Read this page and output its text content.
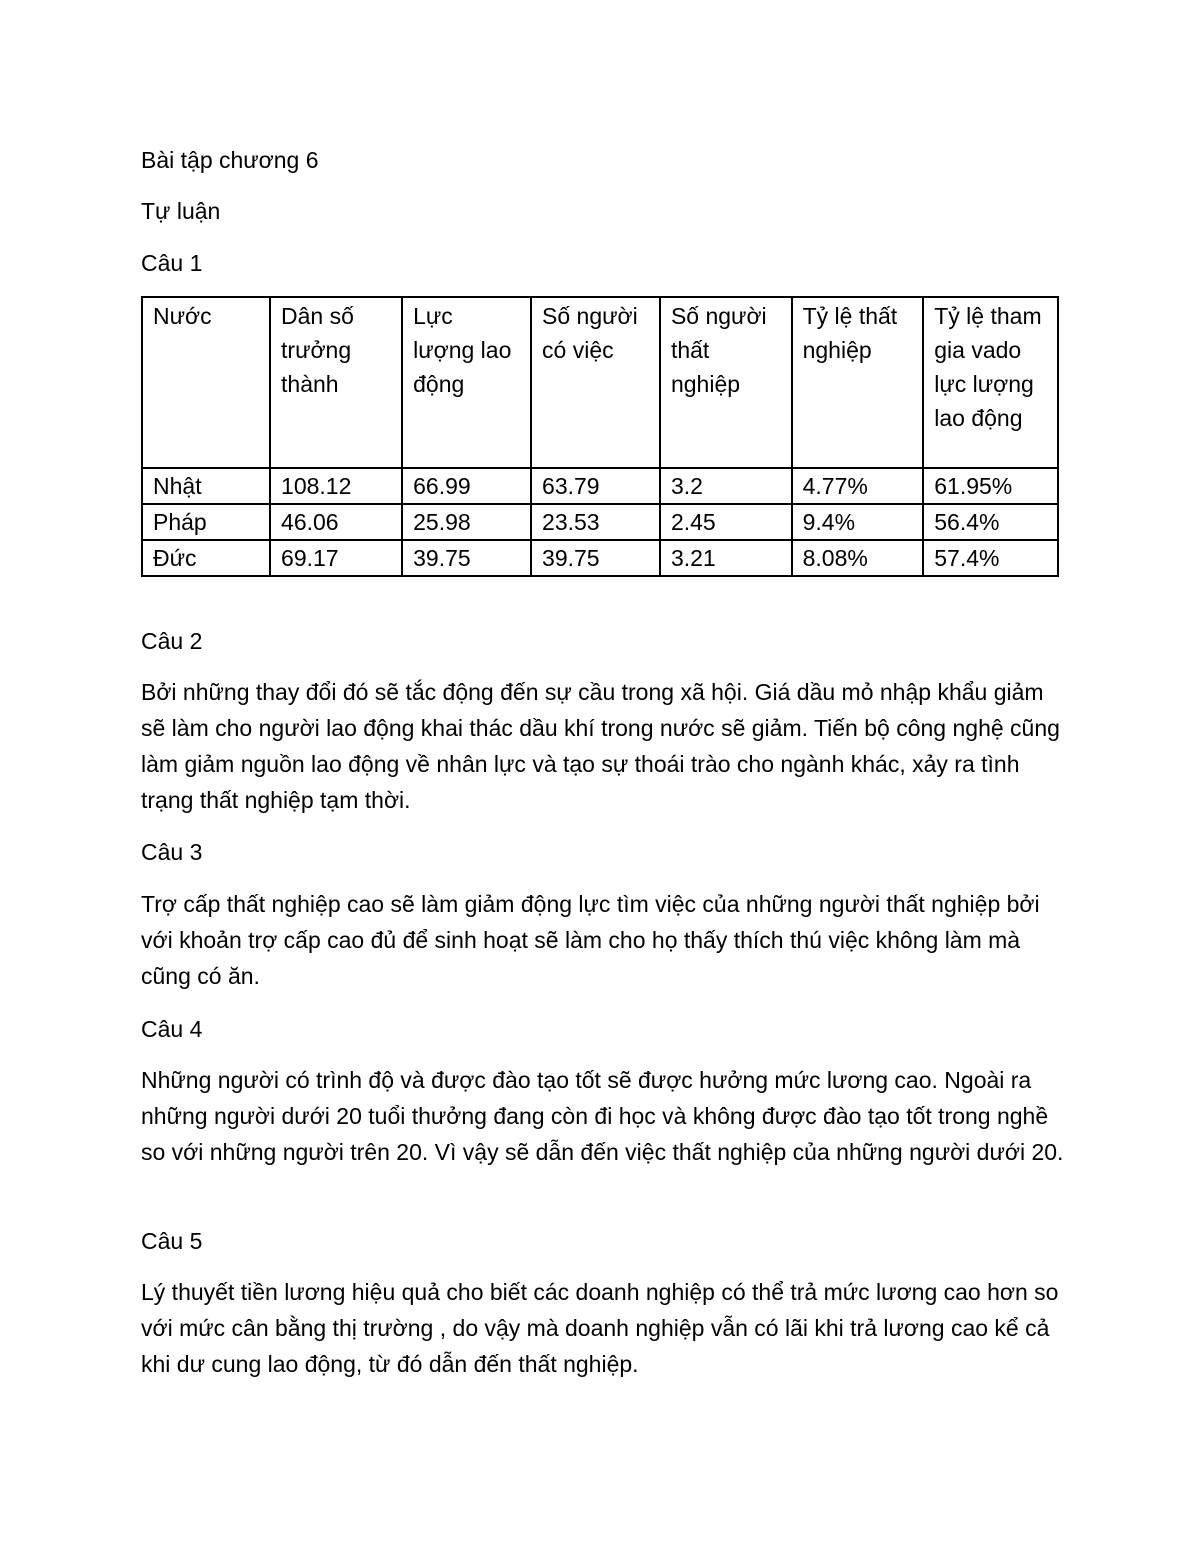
Bài tập chương 6
Tự luận
Câu 1
Nước	Dân số trưởng thành	Lực lượng lao động	Số người có việc	Số người thất nghiệp	Tỷ lệ thất nghiệp	Tỷ lệ tham gia vado lực lượng lao động
Nhật	108.12	66.99	63.79	3.2	4.77%	61.95%
Pháp	46.06	25.98	23.53	2.45	9.4%	56.4%
Đức	69.17	39.75	39.75	3.21	8.08%	57.4%
Câu 2

Bởi những thay đổi đó sẽ tắc động đến sự cầu trong xã hội. Giá dầu mỏ nhập khẩu giảm sẽ làm cho người lao động khai thác dầu khí trong nước sẽ giảm. Tiến bộ công nghệ cũng làm giảm nguồn lao động về nhân lực và tạo sự thoái trào cho ngành khác, xảy ra tình trạng thất nghiệp tạm thời.

Câu 3

Trợ cấp thất nghiệp cao sẽ làm giảm động lực tìm việc của những người thất nghiệp bởi với khoản trợ cấp cao đủ để sinh hoạt sẽ làm cho họ thấy thích thú việc không làm mà cũng có ăn.

Câu 4

Những người có trình độ và được đào tạo tốt sẽ được hưởng mức lương cao. Ngoài ra những người dưới 20 tuổi thưởng đang còn đi học và không được đào tạo tốt trong nghề so với những người trên 20. Vì vậy sẽ dẫn đến việc thất nghiệp của những người dưới 20.

Câu 5

Lý thuyết tiền lương hiệu quả cho biết các doanh nghiệp có thể trả mức lương cao hơn so với mức cân bằng thị trường , do vậy mà doanh nghiệp vẫn có lãi khi trả lương cao kể cả khi dư cung lao động, từ đó dẫn đến thất nghiệp.
